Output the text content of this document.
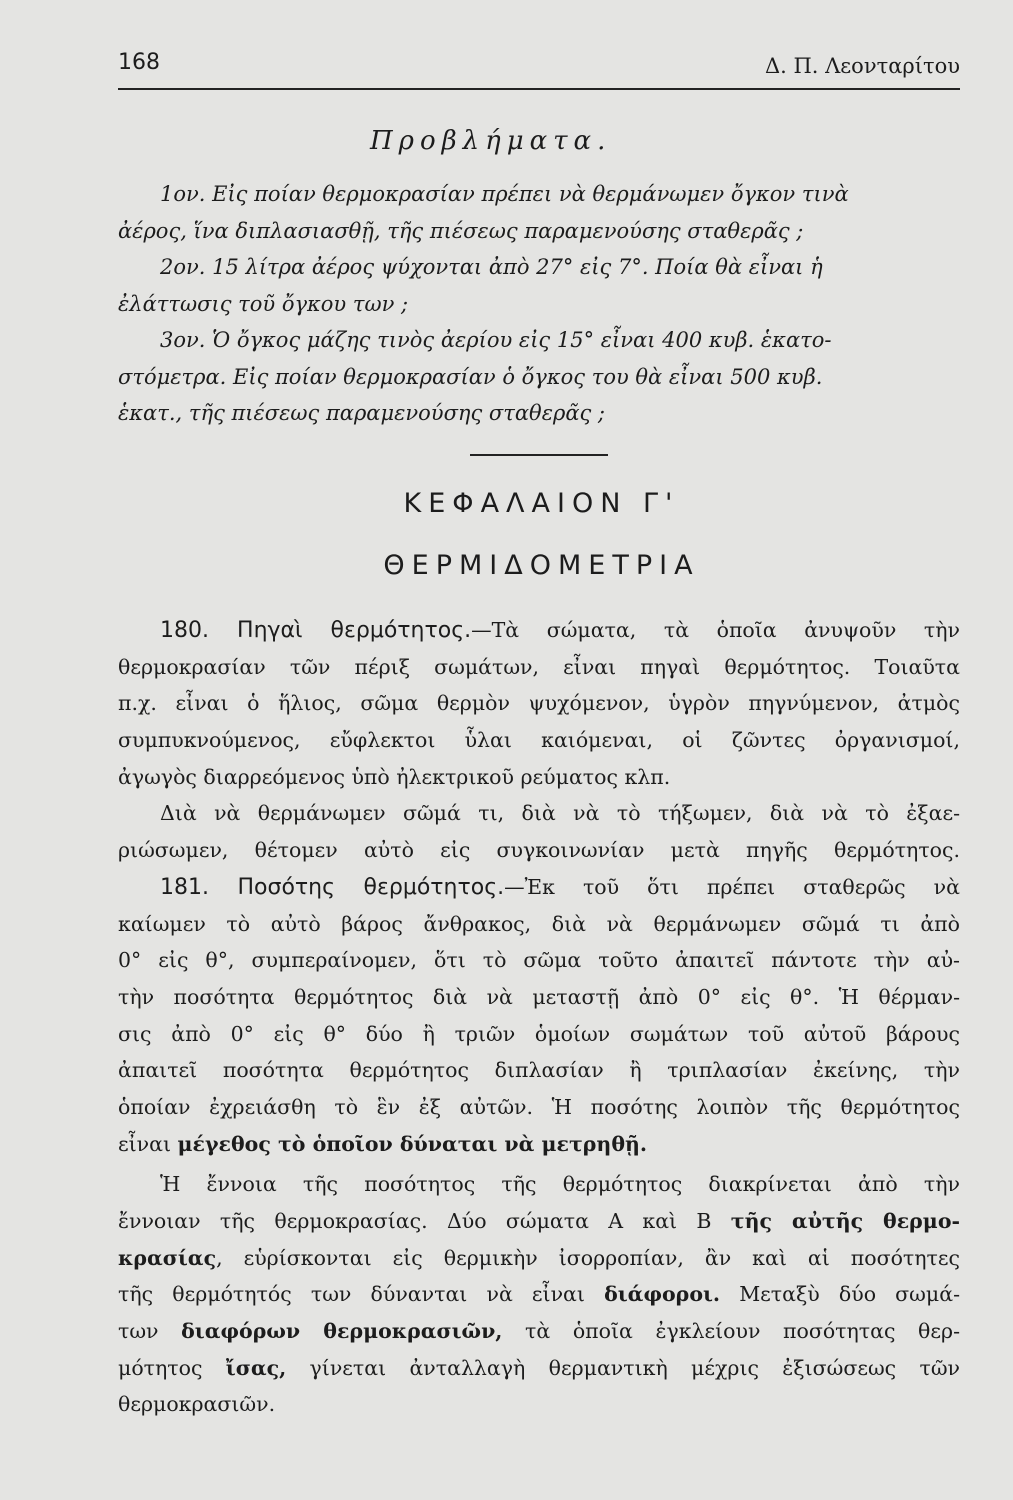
168	Δ. Π. Λεονταρίτου
Προβλήματα.

1ον. Εἰς ποίαν θερμοκρασίαν πρέπει νὰ θερμάνωμεν ὄγκον τινὰ

ἀέρος, ἵνα διπλασιασθῇ, τῆς πιέσεως παραμενούσης σταθερᾶς ;

2ον. 15 λίτρα ἀέρος ψύχονται ἀπὸ 27° εἰς 7°. Ποία θὰ εἶναι ἡ

ἐλάττωσις τοῦ ὄγκου των ;

3ον. Ὁ ὄγκος μάζης τινὸς ἀερίου εἰς 15° εἶναι 400 κυβ. ἑκατο-

στόμετρα. Εἰς ποίαν θερμοκρασίαν ὁ ὄγκος του θὰ εἶναι 500 κυβ.

ἑκατ., τῆς πιέσεως παραμενούσης σταθερᾶς ;

ΚΕΦΑΛΑΙΟΝ Γ'
ΘΕΡΜΙΔΟΜΕΤΡΙΑ

180. Πηγαὶ θερμότητος.—Τὰ σώματα, τὰ ὁποῖα ἀνυψοῦν τὴν

θερμοκρασίαν τῶν πέριξ σωμάτων, εἶναι πηγαὶ θερμότητος. Τοιαῦτα

π.χ. εἶναι ὁ ἥλιος, σῶμα θερμὸν ψυχόμενον, ὑγρὸν πηγνύμενον, ἀτμὸς

συμπυκνούμενος, εὔφλεκτοι ὗλαι καιόμεναι, οἱ ζῶντες ὀργανισμοί,

ἀγωγὸς διαρρεόμενος ὑπὸ ἠλεκτρικοῦ ρεύματος κλπ.

Διὰ νὰ θερμάνωμεν σῶμά τι, διὰ νὰ τὸ τήξωμεν, διὰ νὰ τὸ ἐξαε-

ριώσωμεν, θέτομεν αὐτὸ εἰς συγκοινωνίαν μετὰ πηγῆς θερμότητος.

181. Ποσότης θερμότητος.—Ἐκ τοῦ ὅτι πρέπει σταθερῶς νὰ

καίωμεν τὸ αὐτὸ βάρος ἄνθρακος, διὰ νὰ θερμάνωμεν σῶμά τι ἀπὸ

0° εἰς θ°, συμπεραίνομεν, ὅτι τὸ σῶμα τοῦτο ἀπαιτεῖ πάντοτε τὴν αὐ-

τὴν ποσότητα θερμότητος διὰ νὰ μεταστῇ ἀπὸ 0° εἰς θ°. Ἡ θέρμαν-

σις ἀπὸ 0° εἰς θ° δύο ἢ τριῶν ὁμοίων σωμάτων τοῦ αὐτοῦ βάρους

ἀπαιτεῖ ποσότητα θερμότητος διπλασίαν ἢ τριπλασίαν ἐκείνης, τὴν

ὁποίαν ἐχρειάσθη τὸ ἓν ἐξ αὐτῶν. Ἡ ποσότης λοιπὸν τῆς θερμότητος

εἶναι μέγεθος τὸ ὁποῖον δύναται νὰ μετρηθῇ.

Ἡ ἔννοια τῆς ποσότητος τῆς θερμότητος διακρίνεται ἀπὸ τὴν

ἔννοιαν τῆς θερμοκρασίας. Δύο σώματα Α καὶ Β τῆς αὐτῆς θερμο-

κρασίας, εὑρίσκονται εἰς θερμικὴν ἰσορροπίαν, ἂν καὶ αἱ ποσότητες

τῆς θερμότητός των δύνανται νὰ εἶναι διάφοροι. Μεταξὺ δύο σωμά-

των διαφόρων θερμοκρασιῶν, τὰ ὁποῖα ἐγκλείουν ποσότητας θερ-

μότητος ἴσας, γίνεται ἀνταλλαγὴ θερμαντικὴ μέχρις ἐξισώσεως τῶν

θερμοκρασιῶν.
